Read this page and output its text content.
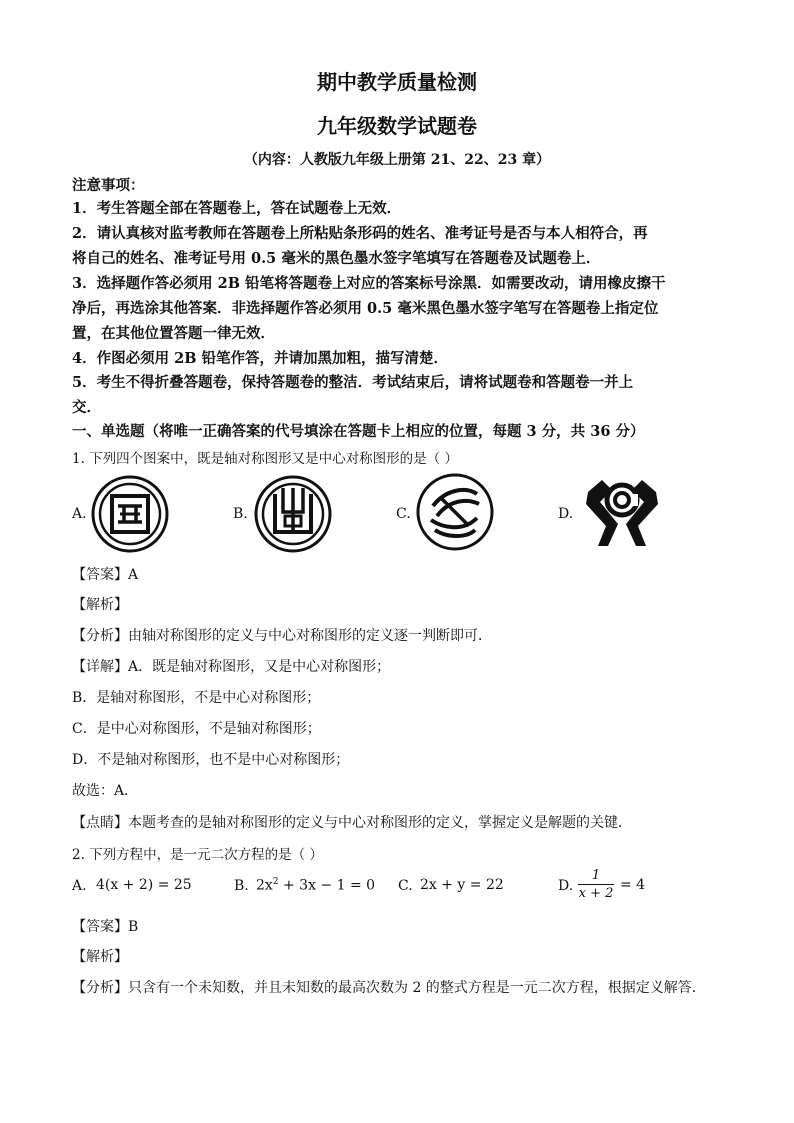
期中教学质量检测
九年级数学试题卷
（内容：人教版九年级上册第 21、22、23 章）
注意事项：
1．考生答题全部在答题卷上，答在试题卷上无效．
2．请认真核对监考教师在答题卷上所粘贴条形码的姓名、准考证号是否与本人相符合，再
将自己的姓名、准考证号用 0.5 毫米的黑色墨水签字笔填写在答题卷及试题卷上．
3．选择题作答必须用 2B 铅笔将答题卷上对应的答案标号涂黑．如需要改动，请用橡皮擦干
净后，再选涂其他答案．非选择题作答必须用 0.5 毫米黑色墨水签字笔写在答题卷上指定位
置，在其他位置答题一律无效．
4．作图必须用 2B 铅笔作答，并请加黑加粗，描写清楚．
5．考生不得折叠答题卷，保持答题卷的整洁．考试结束后，请将试题卷和答题卷一并上
交．
一、单选题（将唯一正确答案的代号填涂在答题卡上相应的位置，每题 3 分，共 36 分）
1. 下列四个图案中，既是轴对称图形又是中心对称图形的是（ ）
A.	B.	C.	D.
【答案】A
【解析】
【分析】由轴对称图形的定义与中心对称图形的定义逐一判断即可．
【详解】A．既是轴对称图形，又是中心对称图形；
B．是轴对称图形，不是中心对称图形；
C．是中心对称图形，不是轴对称图形；
D．不是轴对称图形，也不是中心对称图形；
故选：A．
【点睛】本题考查的是轴对称图形的定义与中心对称图形的定义，掌握定义是解题的关键．
2. 下列方程中，是一元二次方程的是（ ）
A. 4(x + 2) = 25	B. $2x^2 + 3x - 1 = 0$ C. 2x + y = 22	D.
1
x + 2
= 4
【答案】B
【解析】
【分析】只含有一个未知数，并且未知数的最高次数为 2 的整式方程是一元二次方程，根据定义解答．
